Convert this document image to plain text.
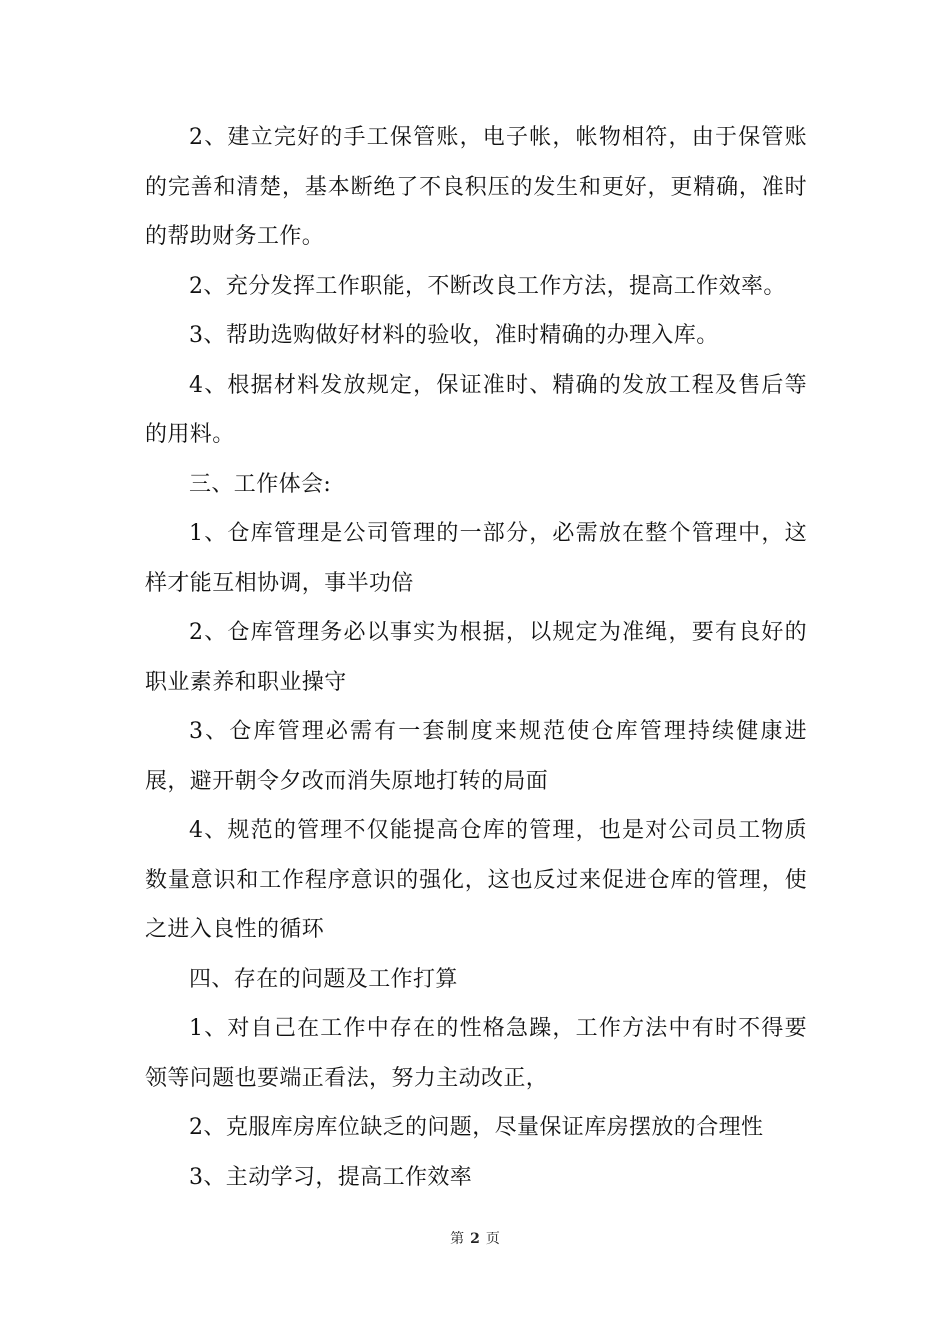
2、建立完好的手工保管账，电子帐，帐物相符，由于保管账的完善和清楚，基本断绝了不良积压的发生和更好，更精确，准时的帮助财务工作。

2、充分发挥工作职能，不断改良工作方法，提高工作效率。

3、帮助选购做好材料的验收，准时精确的办理入库。

4、根据材料发放规定，保证准时、精确的发放工程及售后等的用料。

三、工作体会:

1、仓库管理是公司管理的一部分，必需放在整个管理中，这样才能互相协调，事半功倍

2、仓库管理务必以事实为根据，以规定为准绳，要有良好的职业素养和职业操守

3、仓库管理必需有一套制度来规范使仓库管理持续健康进展，避开朝令夕改而消失原地打转的局面

4、规范的管理不仅能提高仓库的管理，也是对公司员工物质数量意识和工作程序意识的强化，这也反过来促进仓库的管理，使之进入良性的循环

四、存在的问题及工作打算

1、对自己在工作中存在的性格急躁，工作方法中有时不得要领等问题也要端正看法，努力主动改正，

2、克服库房库位缺乏的问题，尽量保证库房摆放的合理性

3、主动学习，提高工作效率

第 2 页
